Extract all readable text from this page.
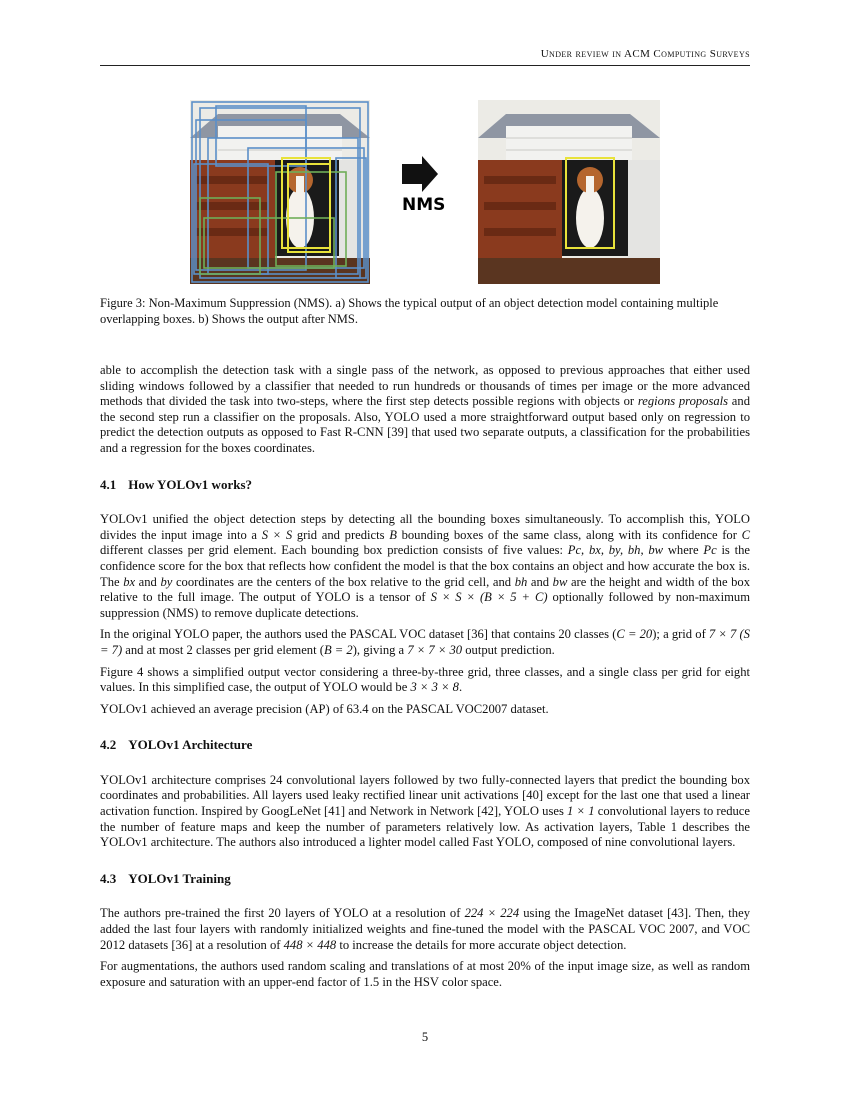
Under review in ACM Computing Surveys
NMS
Figure 3: Non-Maximum Suppression (NMS). a) Shows the typical output of an object detection model containing multiple overlapping boxes. b) Shows the output after NMS.

able to accomplish the detection task with a single pass of the network, as opposed to previous approaches that either used sliding windows followed by a classifier that needed to run hundreds or thousands of times per image or the more advanced methods that divided the task into two-steps, where the first step detects possible regions with objects or regions proposals and the second step run a classifier on the proposals. Also, YOLO used a more straightforward output based only on regression to predict the detection outputs as opposed to Fast R-CNN [39] that used two separate outputs, a classification for the probabilities and a regression for the boxes coordinates.

4.1 How YOLOv1 works?

YOLOv1 unified the object detection steps by detecting all the bounding boxes simultaneously. To accomplish this, YOLO divides the input image into a S × S grid and predicts B bounding boxes of the same class, along with its confidence for C different classes per grid element. Each bounding box prediction consists of five values: Pc, bx, by, bh, bw where Pc is the confidence score for the box that reflects how confident the model is that the box contains an object and how accurate the box is. The bx and by coordinates are the centers of the box relative to the grid cell, and bh and bw are the height and width of the box relative to the full image. The output of YOLO is a tensor of S × S × (B × 5 + C) optionally followed by non-maximum suppression (NMS) to remove duplicate detections.

In the original YOLO paper, the authors used the PASCAL VOC dataset [36] that contains 20 classes (C = 20); a grid of 7 × 7 (S = 7) and at most 2 classes per grid element (B = 2), giving a 7 × 7 × 30 output prediction.

Figure 4 shows a simplified output vector considering a three-by-three grid, three classes, and a single class per grid for eight values. In this simplified case, the output of YOLO would be 3 × 3 × 8.

YOLOv1 achieved an average precision (AP) of 63.4 on the PASCAL VOC2007 dataset.

4.2 YOLOv1 Architecture

YOLOv1 architecture comprises 24 convolutional layers followed by two fully-connected layers that predict the bounding box coordinates and probabilities. All layers used leaky rectified linear unit activations [40] except for the last one that used a linear activation function. Inspired by GoogLeNet [41] and Network in Network [42], YOLO uses 1 × 1 convolutional layers to reduce the number of feature maps and keep the number of parameters relatively low. As activation layers, Table 1 describes the YOLOv1 architecture. The authors also introduced a lighter model called Fast YOLO, composed of nine convolutional layers.

4.3 YOLOv1 Training

The authors pre-trained the first 20 layers of YOLO at a resolution of 224 × 224 using the ImageNet dataset [43]. Then, they added the last four layers with randomly initialized weights and fine-tuned the model with the PASCAL VOC 2007, and VOC 2012 datasets [36] at a resolution of 448 × 448 to increase the details for more accurate object detection.

For augmentations, the authors used random scaling and translations of at most 20% of the input image size, as well as random exposure and saturation with an upper-end factor of 1.5 in the HSV color space.

5
